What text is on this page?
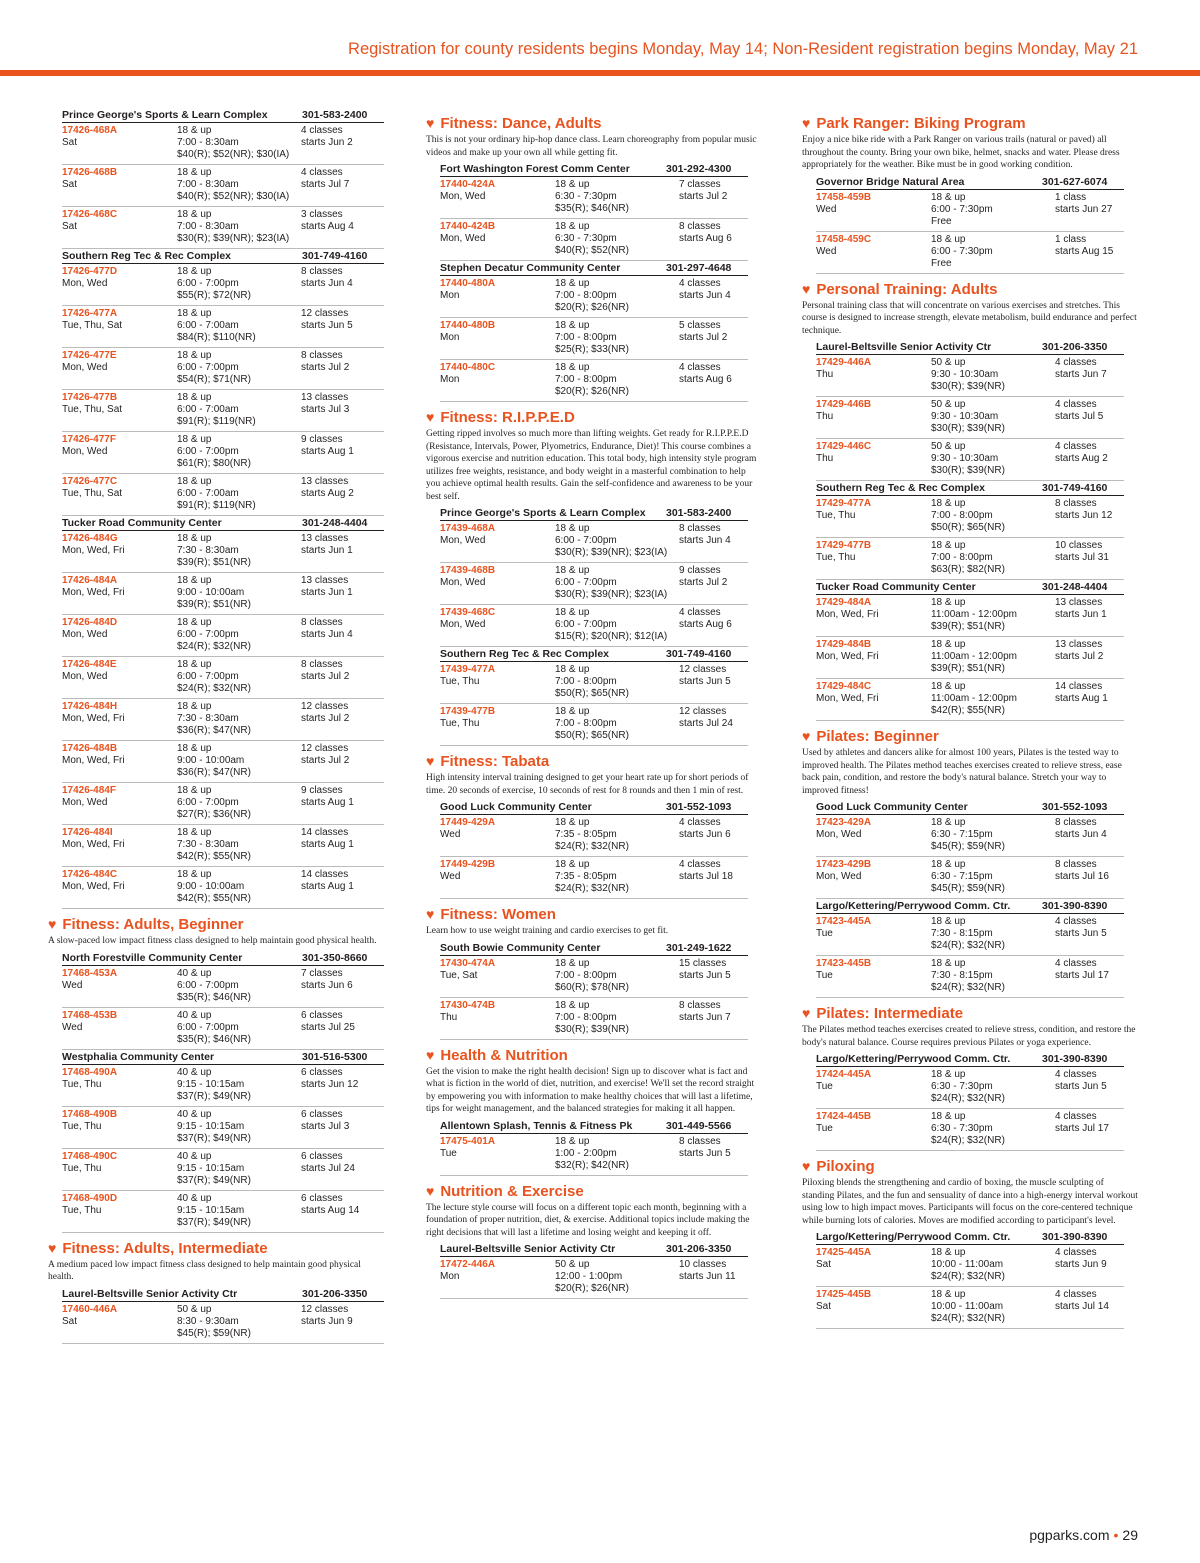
Registration for county residents begins Monday, May 14; Non-Resident registration begins Monday, May 21
Prince George's Sports & Learn Complex	301-583-2400
17426-468A	18 & up	4 classes
Sat	7:00 - 8:30am	starts Jun 2
$40(R); $52(NR); $30(IA)
17426-468B	18 & up	4 classes
Sat	7:00 - 8:30am	starts Jul 7
$40(R); $52(NR); $30(IA)
17426-468C	18 & up	3 classes
Sat	7:00 - 8:30am	starts Aug 4
$30(R); $39(NR); $23(IA)
Southern Reg Tec & Rec Complex	301-749-4160
17426-477D	18 & up	8 classes
Mon, Wed	6:00 - 7:00pm	starts Jun 4
$55(R); $72(NR)
17426-477A	18 & up	12 classes
Tue, Thu, Sat	6:00 - 7:00am	starts Jun 5
$84(R); $110(NR)
17426-477E	18 & up	8 classes
Mon, Wed	6:00 - 7:00pm	starts Jul 2
$54(R); $71(NR)
17426-477B	18 & up	13 classes
Tue, Thu, Sat	6:00 - 7:00am	starts Jul 3
$91(R); $119(NR)
17426-477F	18 & up	9 classes
Mon, Wed	6:00 - 7:00pm	starts Aug 1
$61(R); $80(NR)
17426-477C	18 & up	13 classes
Tue, Thu, Sat	6:00 - 7:00am	starts Aug 2
$91(R); $119(NR)
Tucker Road Community Center	301-248-4404
17426-484G	18 & up	13 classes
Mon, Wed, Fri	7:30 - 8:30am	starts Jun 1
$39(R); $51(NR)
17426-484A	18 & up	13 classes
Mon, Wed, Fri	9:00 - 10:00am	starts Jun 1
$39(R); $51(NR)
17426-484D	18 & up	8 classes
Mon, Wed	6:00 - 7:00pm	starts Jun 4
$24(R); $32(NR)
17426-484E	18 & up	8 classes
Mon, Wed	6:00 - 7:00pm	starts Jul 2
$24(R); $32(NR)
17426-484H	18 & up	12 classes
Mon, Wed, Fri	7:30 - 8:30am	starts Jul 2
$36(R); $47(NR)
17426-484B	18 & up	12 classes
Mon, Wed, Fri	9:00 - 10:00am	starts Jul 2
$36(R); $47(NR)
17426-484F	18 & up	9 classes
Mon, Wed	6:00 - 7:00pm	starts Aug 1
$27(R); $36(NR)
17426-484I	18 & up	14 classes
Mon, Wed, Fri	7:30 - 8:30am	starts Aug 1
$42(R); $55(NR)
17426-484C	18 & up	14 classes
Mon, Wed, Fri	9:00 - 10:00am	starts Aug 1
$42(R); $55(NR)
♥ Fitness: Adults, Beginner
A slow-paced low impact fitness class designed to help maintain good physical health.
North Forestville Community Center	301-350-8660
17468-453A	40 & up	7 classes
Wed	6:00 - 7:00pm	starts Jun 6
$35(R); $46(NR)
17468-453B	40 & up	6 classes
Wed	6:00 - 7:00pm	starts Jul 25
$35(R); $46(NR)
Westphalia Community Center	301-516-5300
17468-490A	40 & up	6 classes
Tue, Thu	9:15 - 10:15am	starts Jun 12
$37(R); $49(NR)
17468-490B	40 & up	6 classes
Tue, Thu	9:15 - 10:15am	starts Jul 3
$37(R); $49(NR)
17468-490C	40 & up	6 classes
Tue, Thu	9:15 - 10:15am	starts Jul 24
$37(R); $49(NR)
17468-490D	40 & up	6 classes
Tue, Thu	9:15 - 10:15am	starts Aug 14
$37(R); $49(NR)
♥ Fitness: Adults, Intermediate
A medium paced low impact fitness class designed to help maintain good physical health.
Laurel-Beltsville Senior Activity Ctr	301-206-3350
17460-446A	50 & up	12 classes
Sat	8:30 - 9:30am	starts Jun 9
$45(R); $59(NR)
♥ Fitness: Dance, Adults
This is not your ordinary hip-hop dance class. Learn choreography from popular music videos and make up your own all while getting fit.
Fort Washington Forest Comm Center	301-292-4300
17440-424A	18 & up	7 classes
Mon, Wed	6:30 - 7:30pm	starts Jul 2
$35(R); $46(NR)
17440-424B	18 & up	8 classes
Mon, Wed	6:30 - 7:30pm	starts Aug 6
$40(R); $52(NR)
Stephen Decatur Community Center	301-297-4648
17440-480A	18 & up	4 classes
Mon	7:00 - 8:00pm	starts Jun 4
$20(R); $26(NR)
17440-480B	18 & up	5 classes
Mon	7:00 - 8:00pm	starts Jul 2
$25(R); $33(NR)
17440-480C	18 & up	4 classes
Mon	7:00 - 8:00pm	starts Aug 6
$20(R); $26(NR)
♥ Fitness: R.I.P.P.E.D
Getting ripped involves so much more than lifting weights. Get ready for R.I.P.P.E.D (Resistance, Intervals, Power, Plyometrics, Endurance, Diet)! This course combines a vigorous exercise and nutrition education. This total body, high intensity style program utilizes free weights, resistance, and body weight in a masterful combination to help you achieve optimal health results. Gain the self-confidence and awareness to be your best self.
Prince George's Sports & Learn Complex 301-583-2400
17439-468A	18 & up	8 classes
Mon, Wed	6:00 - 7:00pm	starts Jun 4
$30(R); $39(NR); $23(IA)
17439-468B	18 & up	9 classes
Mon, Wed	6:00 - 7:00pm	starts Jul 2
$30(R); $39(NR); $23(IA)
17439-468C	18 & up	4 classes
Mon, Wed	6:00 - 7:00pm	starts Aug 6
$15(R); $20(NR); $12(IA)
Southern Reg Tec & Rec Complex	301-749-4160
17439-477A	18 & up	12 classes
Tue, Thu	7:00 - 8:00pm	starts Jun 5
$50(R); $65(NR)
17439-477B	18 & up	12 classes
Tue, Thu	7:00 - 8:00pm	starts Jul 24
$50(R); $65(NR)
♥ Fitness: Tabata
High intensity interval training designed to get your heart rate up for short periods of time. 20 seconds of exercise, 10 seconds of rest for 8 rounds and then 1 min of rest.
Good Luck Community Center	301-552-1093
17449-429A	18 & up	4 classes
Wed	7:35 - 8:05pm	starts Jun 6
$24(R); $32(NR)
17449-429B	18 & up	4 classes
Wed	7:35 - 8:05pm	starts Jul 18
$24(R); $32(NR)
♥ Fitness: Women
Learn how to use weight training and cardio exercises to get fit.
South Bowie Community Center	301-249-1622
17430-474A	18 & up	15 classes
Tue, Sat	7:00 - 8:00pm	starts Jun 5
$60(R); $78(NR)
17430-474B	18 & up	8 classes
Thu	7:00 - 8:00pm	starts Jun 7
$30(R); $39(NR)
♥ Health & Nutrition
Get the vision to make the right health decision! Sign up to discover what is fact and what is fiction in the world of diet, nutrition, and exercise! We'll set the record straight by empowering you with information to make healthy choices that will last a lifetime, tips for weight management, and the balanced strategies for making it all happen.
Allentown Splash, Tennis & Fitness Pk	301-449-5566
17475-401A	18 & up	8 classes
Tue	1:00 - 2:00pm	starts Jun 5
$32(R); $42(NR)
♥ Nutrition & Exercise
The lecture style course will focus on a different topic each month, beginning with a foundation of proper nutrition, diet, & exercise. Additional topics include making the right decisions that will last a lifetime and losing weight and keeping it off.
Laurel-Beltsville Senior Activity Ctr	301-206-3350
17472-446A	50 & up	10 classes
Mon	12:00 - 1:00pm	starts Jun 11
$20(R); $26(NR)
♥ Park Ranger: Biking Program
Enjoy a nice bike ride with a Park Ranger on various trails (natural or paved) all throughout the county. Bring your own bike, helmet, snacks and water. Please dress appropriately for the weather. Bike must be in good working condition.
Governor Bridge Natural Area	301-627-6074
17458-459B	18 & up	1 class
Wed	6:00 - 7:30pm	starts Jun 27
Free
17458-459C	18 & up	1 class
Wed	6:00 - 7:30pm	starts Aug 15
Free
♥ Personal Training: Adults
Personal training class that will concentrate on various exercises and stretches. This course is designed to increase strength, elevate metabolism, build endurance and perfect technique.
Laurel-Beltsville Senior Activity Ctr	301-206-3350
17429-446A	50 & up	4 classes
Thu	9:30 - 10:30am	starts Jun 7
$30(R); $39(NR)
17429-446B	50 & up	4 classes
Thu	9:30 - 10:30am	starts Jul 5
$30(R); $39(NR)
17429-446C	50 & up	4 classes
Thu	9:30 - 10:30am	starts Aug 2
$30(R); $39(NR)
Southern Reg Tec & Rec Complex	301-749-4160
17429-477A	18 & up	8 classes
Tue, Thu	7:00 - 8:00pm	starts Jun 12
$50(R); $65(NR)
17429-477B	18 & up	10 classes
Tue, Thu	7:00 - 8:00pm	starts Jul 31
$63(R); $82(NR)
Tucker Road Community Center	301-248-4404
17429-484A	18 & up	13 classes
Mon, Wed, Fri	11:00am - 12:00pm	starts Jun 1
$39(R); $51(NR)
17429-484B	18 & up	13 classes
Mon, Wed, Fri	11:00am - 12:00pm	starts Jul 2
$39(R); $51(NR)
17429-484C	18 & up	14 classes
Mon, Wed, Fri	11:00am - 12:00pm	starts Aug 1
$42(R); $55(NR)
♥ Pilates: Beginner
Used by athletes and dancers alike for almost 100 years, Pilates is the tested way to improved health. The Pilates method teaches exercises created to relieve stress, ease back pain, condition, and restore the body's natural balance. Stretch your way to improved fitness!
Good Luck Community Center	301-552-1093
17423-429A	18 & up	8 classes
Mon, Wed	6:30 - 7:15pm	starts Jun 4
$45(R); $59(NR)
17423-429B	18 & up	8 classes
Mon, Wed	6:30 - 7:15pm	starts Jul 16
$45(R); $59(NR)
Largo/Kettering/Perrywood Comm. Ctr.	301-390-8390
17423-445A	18 & up	4 classes
Tue	7:30 - 8:15pm	starts Jun 5
$24(R); $32(NR)
17423-445B	18 & up	4 classes
Tue	7:30 - 8:15pm	starts Jul 17
$24(R); $32(NR)
♥ Pilates: Intermediate
The Pilates method teaches exercises created to relieve stress, condition, and restore the body's natural balance. Course requires previous Pilates or yoga experience.
Largo/Kettering/Perrywood Comm. Ctr.	301-390-8390
17424-445A	18 & up	4 classes
Tue	6:30 - 7:30pm	starts Jun 5
$24(R); $32(NR)
17424-445B	18 & up	4 classes
Tue	6:30 - 7:30pm	starts Jul 17
$24(R); $32(NR)
♥ Piloxing
Piloxing blends the strengthening and cardio of boxing, the muscle sculpting of standing Pilates, and the fun and sensuality of dance into a high-energy interval workout using low to high impact moves. Participants will focus on the core-centered technique while burning lots of calories. Moves are modified according to participant's level.
Largo/Kettering/Perrywood Comm. Ctr.	301-390-8390
17425-445A	18 & up	4 classes
Sat	10:00 - 11:00am	starts Jun 9
$24(R); $32(NR)
17425-445B	18 & up	4 classes
Sat	10:00 - 11:00am	starts Jul 14
$24(R); $32(NR)
pgparks.com • 29
